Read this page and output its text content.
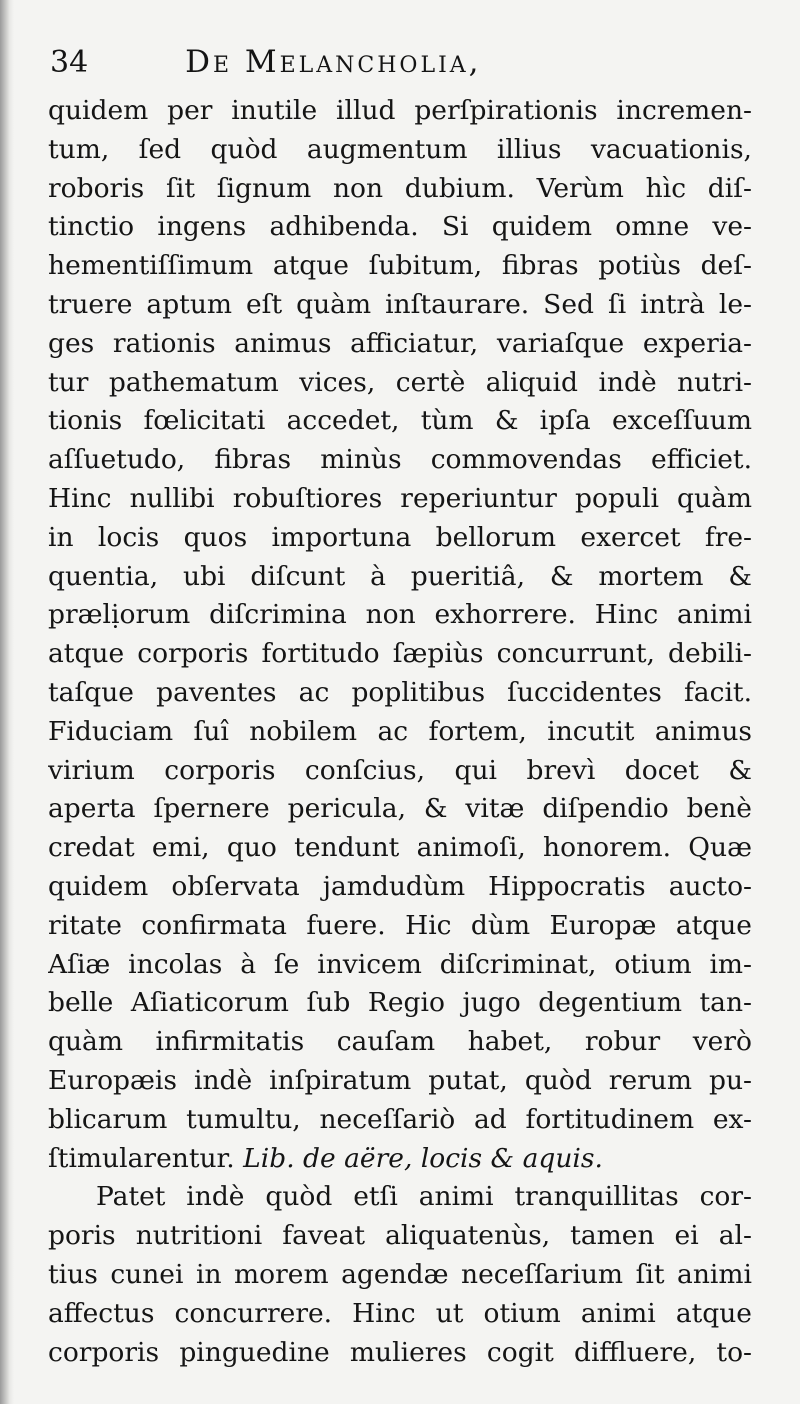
34	De Melancholia,
quidem per inutile illud perſpirationis incremen-
tum, ſed quòd augmentum illius vacuationis,
roboris ſit ſignum non dubium. Verùm hìc diſ-
tinctio ingens adhibenda. Si quidem omne ve-
hementiſſimum atque ſubitum, fibras potiùs deſ-
truere aptum eſt quàm inſtaurare. Sed ſi intrà le-
ges rationis animus afficiatur, variaſque experia-
tur pathematum vices, certè aliquid indè nutri-
tionis fœlicitati accedet, tùm & ipſa exceſſuum
aſſuetudo, fibras minùs commovendas efficiet.
Hinc nullibi robuſtiores reperiuntur populi quàm
in locis quos importuna bellorum exercet fre-
quentia, ubi diſcunt à pueritiâ, & mortem &
prælịorum diſcrimina non exhorrere. Hinc animi
atque corporis fortitudo ſæpiùs concurrunt, debili-
taſque paventes ac poplitibus ſuccidentes facit.
Fiduciam ſuî nobilem ac fortem, incutit animus
virium corporis conſcius, qui brevì docet &
aperta ſpernere pericula, & vitæ diſpendio benè
credat emi, quo tendunt animoſi, honorem. Quæ
quidem obſervata jamdudùm Hippocratis aucto-
ritate confirmata fuere. Hic dùm Europæ atque
Aſiæ incolas à ſe invicem diſcriminat, otium im-
belle Aſiaticorum ſub Regio jugo degentium tan-
quàm infirmitatis cauſam habet, robur verò
Europæis indè inſpiratum putat, quòd rerum pu-
blicarum tumultu, neceſſariò ad fortitudinem ex-
ſtimularentur. Lib. de aëre, locis & aquis.
Patet indè quòd etſi animi tranquillitas cor-
poris nutritioni faveat aliquatenùs, tamen ei al-
tius cunei in morem agendæ neceſſarium ſit animi
affectus concurrere. Hinc ut otium animi atque
corporis pinguedine mulieres cogit diffluere, to-
